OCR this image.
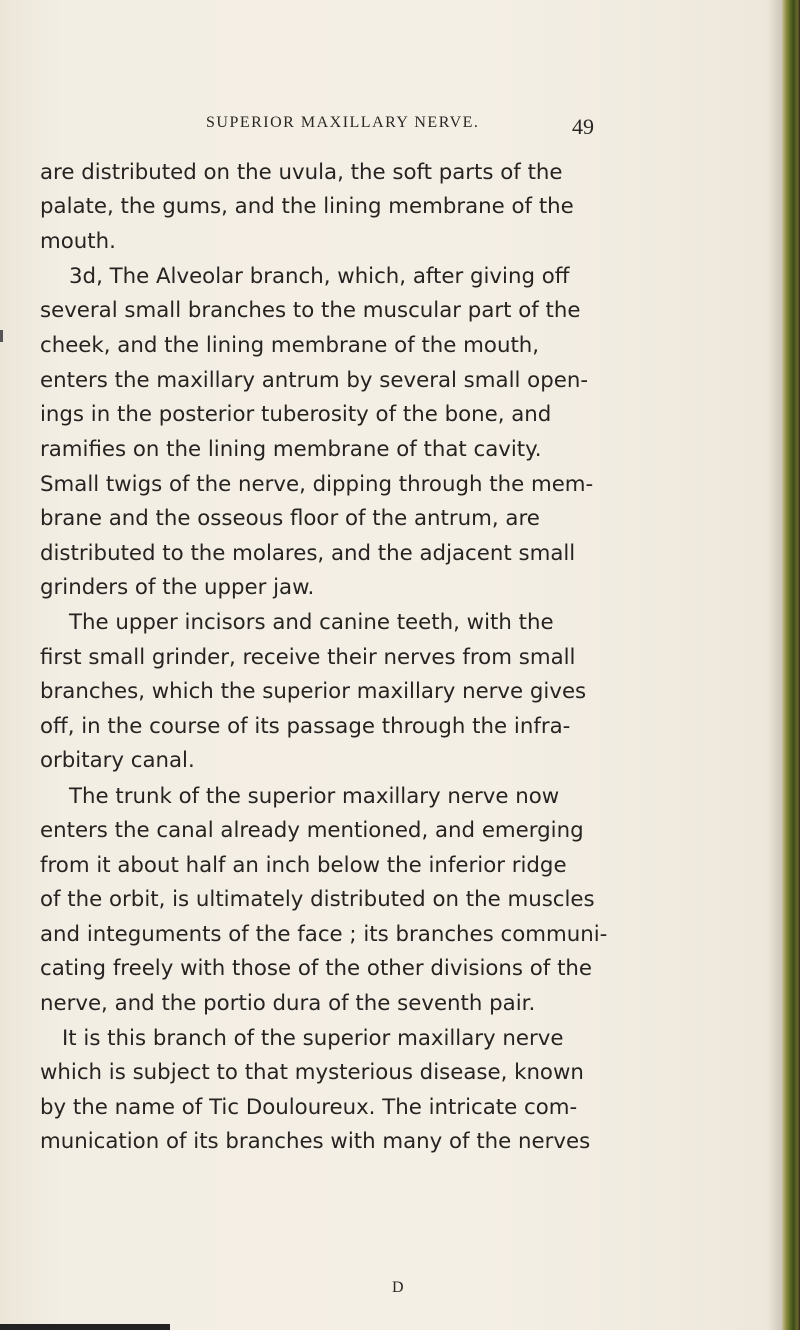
SUPERIOR MAXILLARY NERVE.	49
are distributed on the uvula, the soft parts of the
palate, the gums, and the lining membrane of the
mouth.
3d, The Alveolar branch, which, after giving off
several small branches to the muscular part of the
cheek, and the lining membrane of the mouth,
enters the maxillary antrum by several small open-
ings in the posterior tuberosity of the bone, and
ramifies on the lining membrane of that cavity.
Small twigs of the nerve, dipping through the mem-
brane and the osseous floor of the antrum, are
distributed to the molares, and the adjacent small
grinders of the upper jaw.
The upper incisors and canine teeth, with the
first small grinder, receive their nerves from small
branches, which the superior maxillary nerve gives
off, in the course of its passage through the infra-
orbitary canal.
The trunk of the superior maxillary nerve now
enters the canal already mentioned, and emerging
from it about half an inch below the inferior ridge
of the orbit, is ultimately distributed on the muscles
and integuments of the face ; its branches communi-
cating freely with those of the other divisions of the
nerve, and the portio dura of the seventh pair.
It is this branch of the superior maxillary nerve
which is subject to that mysterious disease, known
by the name of Tic Douloureux. The intricate com-
munication of its branches with many of the nerves
D
